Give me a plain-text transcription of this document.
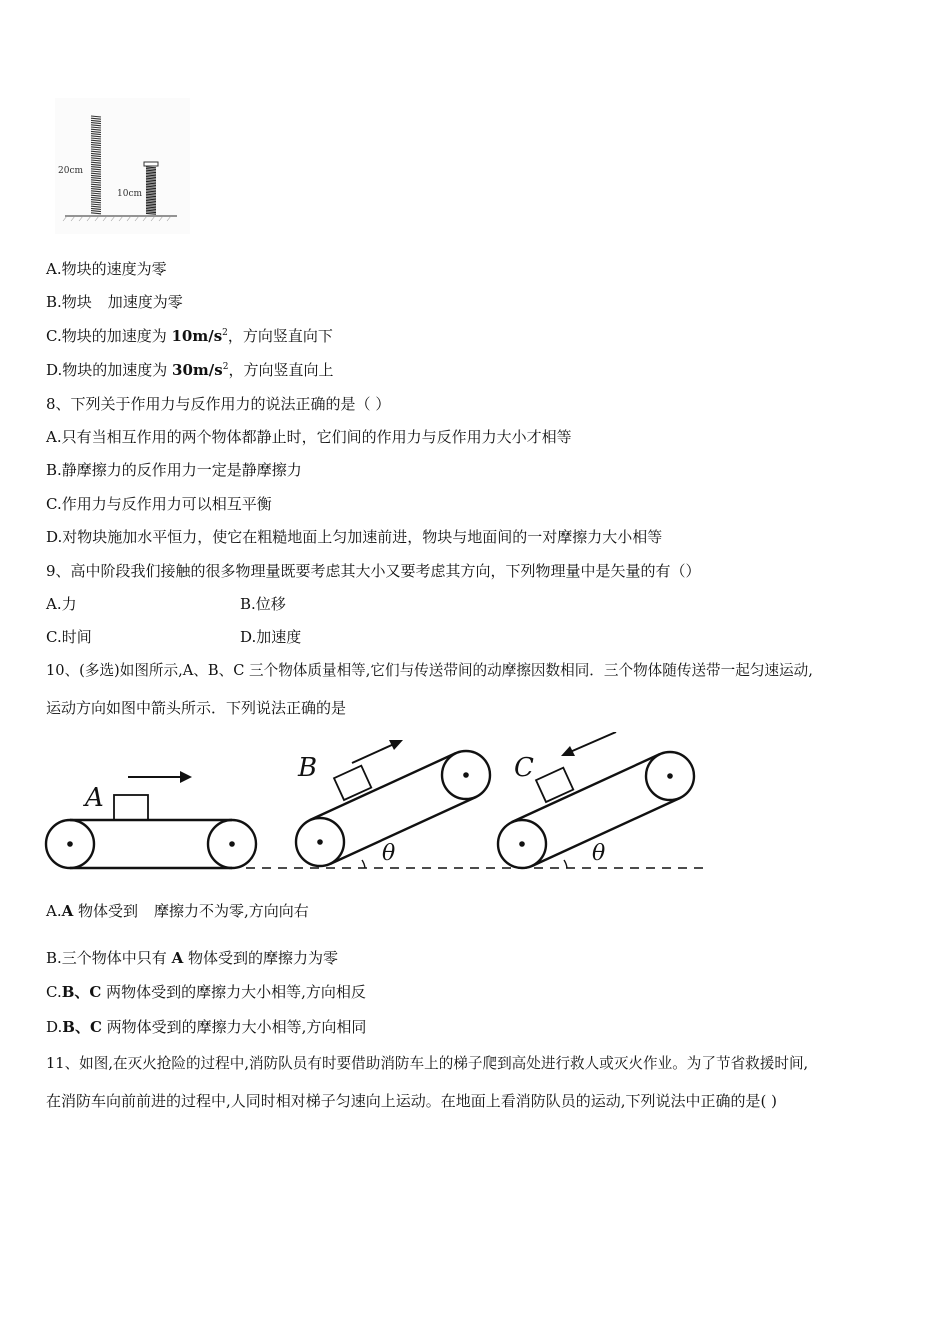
20cm
10cm
A.物块的速度为零
B.物块 加速度为零
C.物块的加速度为 $10m/s^2$，方向竖直向下
D.物块的加速度为 $30m/s^2$，方向竖直向上
8、下列关于作用力与反作用力的说法正确的是（ ）
A.只有当相互作用的两个物体都静止时，它们间的作用力与反作用力大小才相等
B.静摩擦力的反作用力一定是静摩擦力
C.作用力与反作用力可以相互平衡
D.对物块施加水平恒力，使它在粗糙地面上匀加速前进，物块与地面间的一对摩擦力大小相等
9、高中阶段我们接触的很多物理量既要考虑其大小又要考虑其方向，下列物理量中是矢量的有（）
A.力	B.位移
C.时间	D.加速度
10、(多选)如图所示,A、B、C 三个物体质量相等,它们与传送带间的动摩擦因数相同．三个物体随传送带一起匀速运动,
运动方向如图中箭头所示．下列说法正确的是
A
B	C
θ	θ
A.A 物体受到 摩擦力不为零,方向向右
B.三个物体中只有 A 物体受到的摩擦力为零
C.B、C 两物体受到的摩擦力大小相等,方向相反
D.B、C 两物体受到的摩擦力大小相等,方向相同
11、如图,在灭火抢险的过程中,消防队员有时要借助消防车上的梯子爬到高处进行救人或灭火作业。为了节省救援时间,
在消防车向前前进的过程中,人同时相对梯子匀速向上运动。在地面上看消防队员的运动,下列说法中正确的是( )
